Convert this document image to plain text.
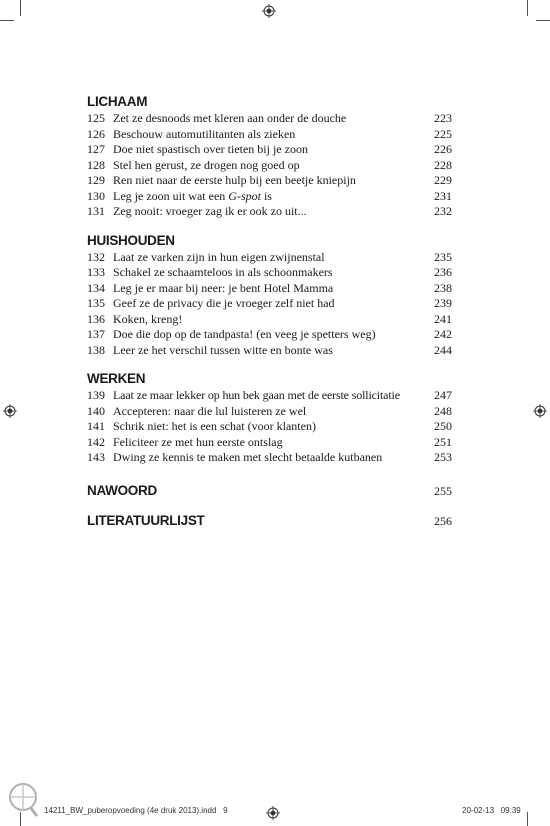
LICHAAM
125 Zet ze desnoods met kleren aan onder de douche	223
126 Beschouw automutilitanten als zieken	225
127 Doe niet spastisch over tieten bij je zoon	226
128 Stel hen gerust, ze drogen nog goed op	228
129 Ren niet naar de eerste hulp bij een beetje kniepijn	229
130 Leg je zoon uit wat een G-spot is	231
131 Zeg nooit: vroeger zag ik er ook zo uit...	232
HUISHOUDEN
132 Laat ze varken zijn in hun eigen zwijnenstal	235
133 Schakel ze schaamteloos in als schoonmakers	236
134 Leg je er maar bij neer: je bent Hotel Mamma	238
135 Geef ze de privacy die je vroeger zelf niet had	239
136 Koken, kreng!	241
137 Doe die dop op de tandpasta! (en veeg je spetters weg)	242
138 Leer ze het verschil tussen witte en bonte was	244
WERKEN
139 Laat ze maar lekker op hun bek gaan met de eerste sollicitatie	247
140 Accepteren: naar die lul luisteren ze wel	248
141 Schrik niet: het is een schat (voor klanten)	250
142 Feliciteer ze met hun eerste ontslag	251
143 Dwing ze kennis te maken met slecht betaalde kutbanen	253
NAWOORD	255
LITERATUURLIJST	256
14211_BW_puberopvoeding (4e druk 2013).indd   9	20-02-13   09:39
